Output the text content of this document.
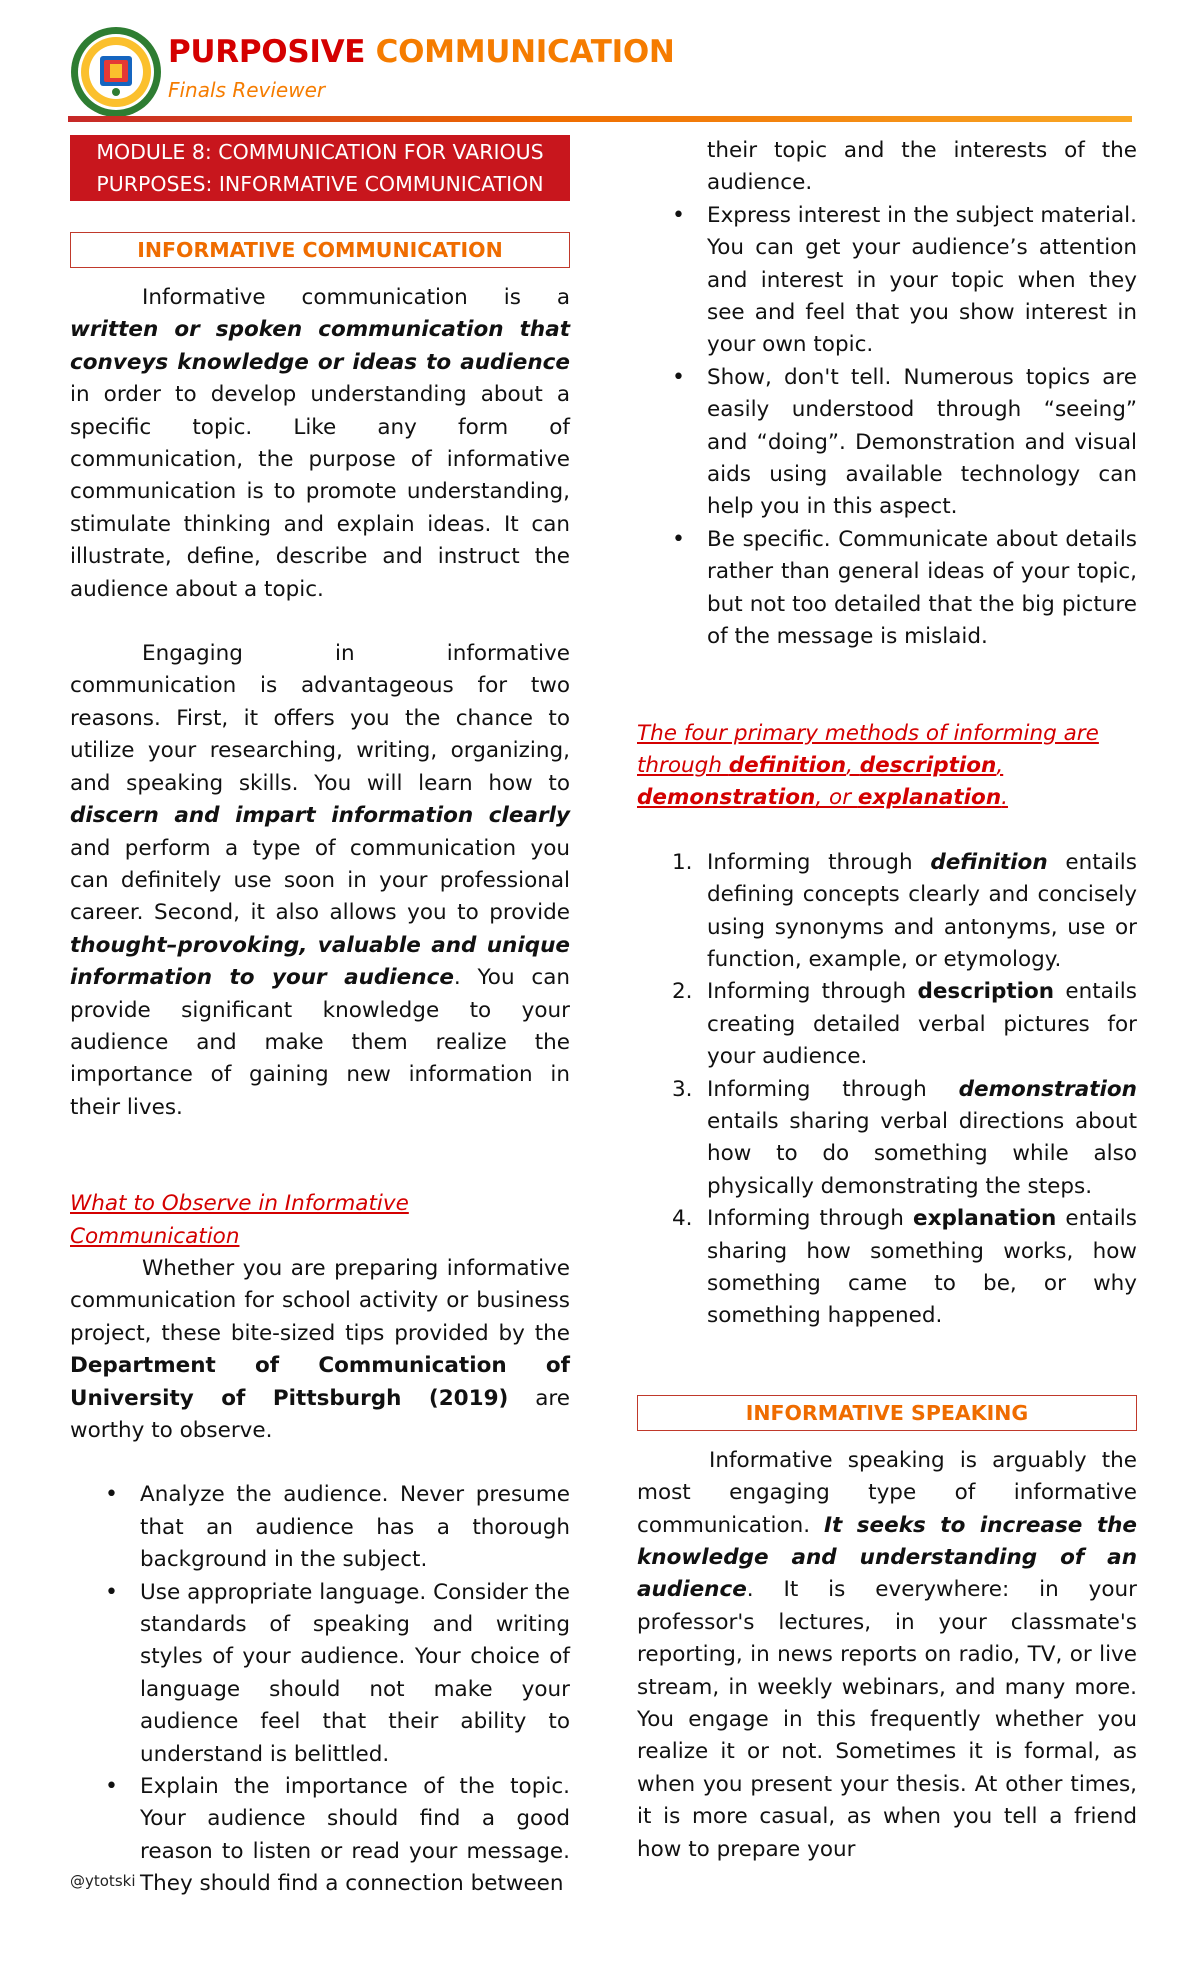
PURPOSIVE COMMUNICATION
Finals Reviewer
MODULE 8: COMMUNICATION FOR VARIOUS PURPOSES: INFORMATIVE COMMUNICATION
INFORMATIVE COMMUNICATION

Informative communication is a written or spoken communication that conveys knowledge or ideas to audience in order to develop understanding about a specific topic. Like any form of communication, the purpose of informative communication is to promote understanding, stimulate thinking and explain ideas. It can illustrate, define, describe and instruct the audience about a topic.

Engaging in informative communication is advantageous for two reasons. First, it offers you the chance to utilize your researching, writing, organizing, and speaking skills. You will learn how to discern and impart information clearly and perform a type of communication you can definitely use soon in your professional career. Second, it also allows you to provide thought–provoking, valuable and unique information to your audience. You can provide significant knowledge to your audience and make them realize the importance of gaining new information in their lives.

What to Observe in Informative Communication

Whether you are preparing informative communication for school activity or business project, these bite-sized tips provided by the Department of Communication of University of Pittsburgh (2019) are worthy to observe.

• Analyze the audience. Never presume that an audience has a thorough background in the subject.
• Use appropriate language. Consider the standards of speaking and writing styles of your audience. Your choice of language should not make your audience feel that their ability to understand is belittled.
• Explain the importance of the topic. Your audience should find a good reason to listen or read your message. They should find a connection between
their topic and the interests of the audience.
• Express interest in the subject material. You can get your audience’s attention and interest in your topic when they see and feel that you show interest in your own topic.
• Show, don't tell. Numerous topics are easily understood through “seeing” and “doing”. Demonstration and visual aids using available technology can help you in this aspect.
• Be specific. Communicate about details rather than general ideas of your topic, but not too detailed that the big picture of the message is mislaid.

The four primary methods of informing are through definition, description, demonstration, or explanation.

1. Informing through definition entails defining concepts clearly and concisely using synonyms and antonyms, use or function, example, or etymology.
2. Informing through description entails creating detailed verbal pictures for your audience.
3. Informing through demonstration entails sharing verbal directions about how to do something while also physically demonstrating the steps.
4. Informing through explanation entails sharing how something works, how something came to be, or why something happened.
INFORMATIVE SPEAKING

Informative speaking is arguably the most engaging type of informative communication. It seeks to increase the knowledge and understanding of an audience. It is everywhere: in your professor's lectures, in your classmate's reporting, in news reports on radio, TV, or live stream, in weekly webinars, and many more. You engage in this frequently whether you realize it or not. Sometimes it is formal, as when you present your thesis. At other times, it is more casual, as when you tell a friend how to prepare your

@ytotski
